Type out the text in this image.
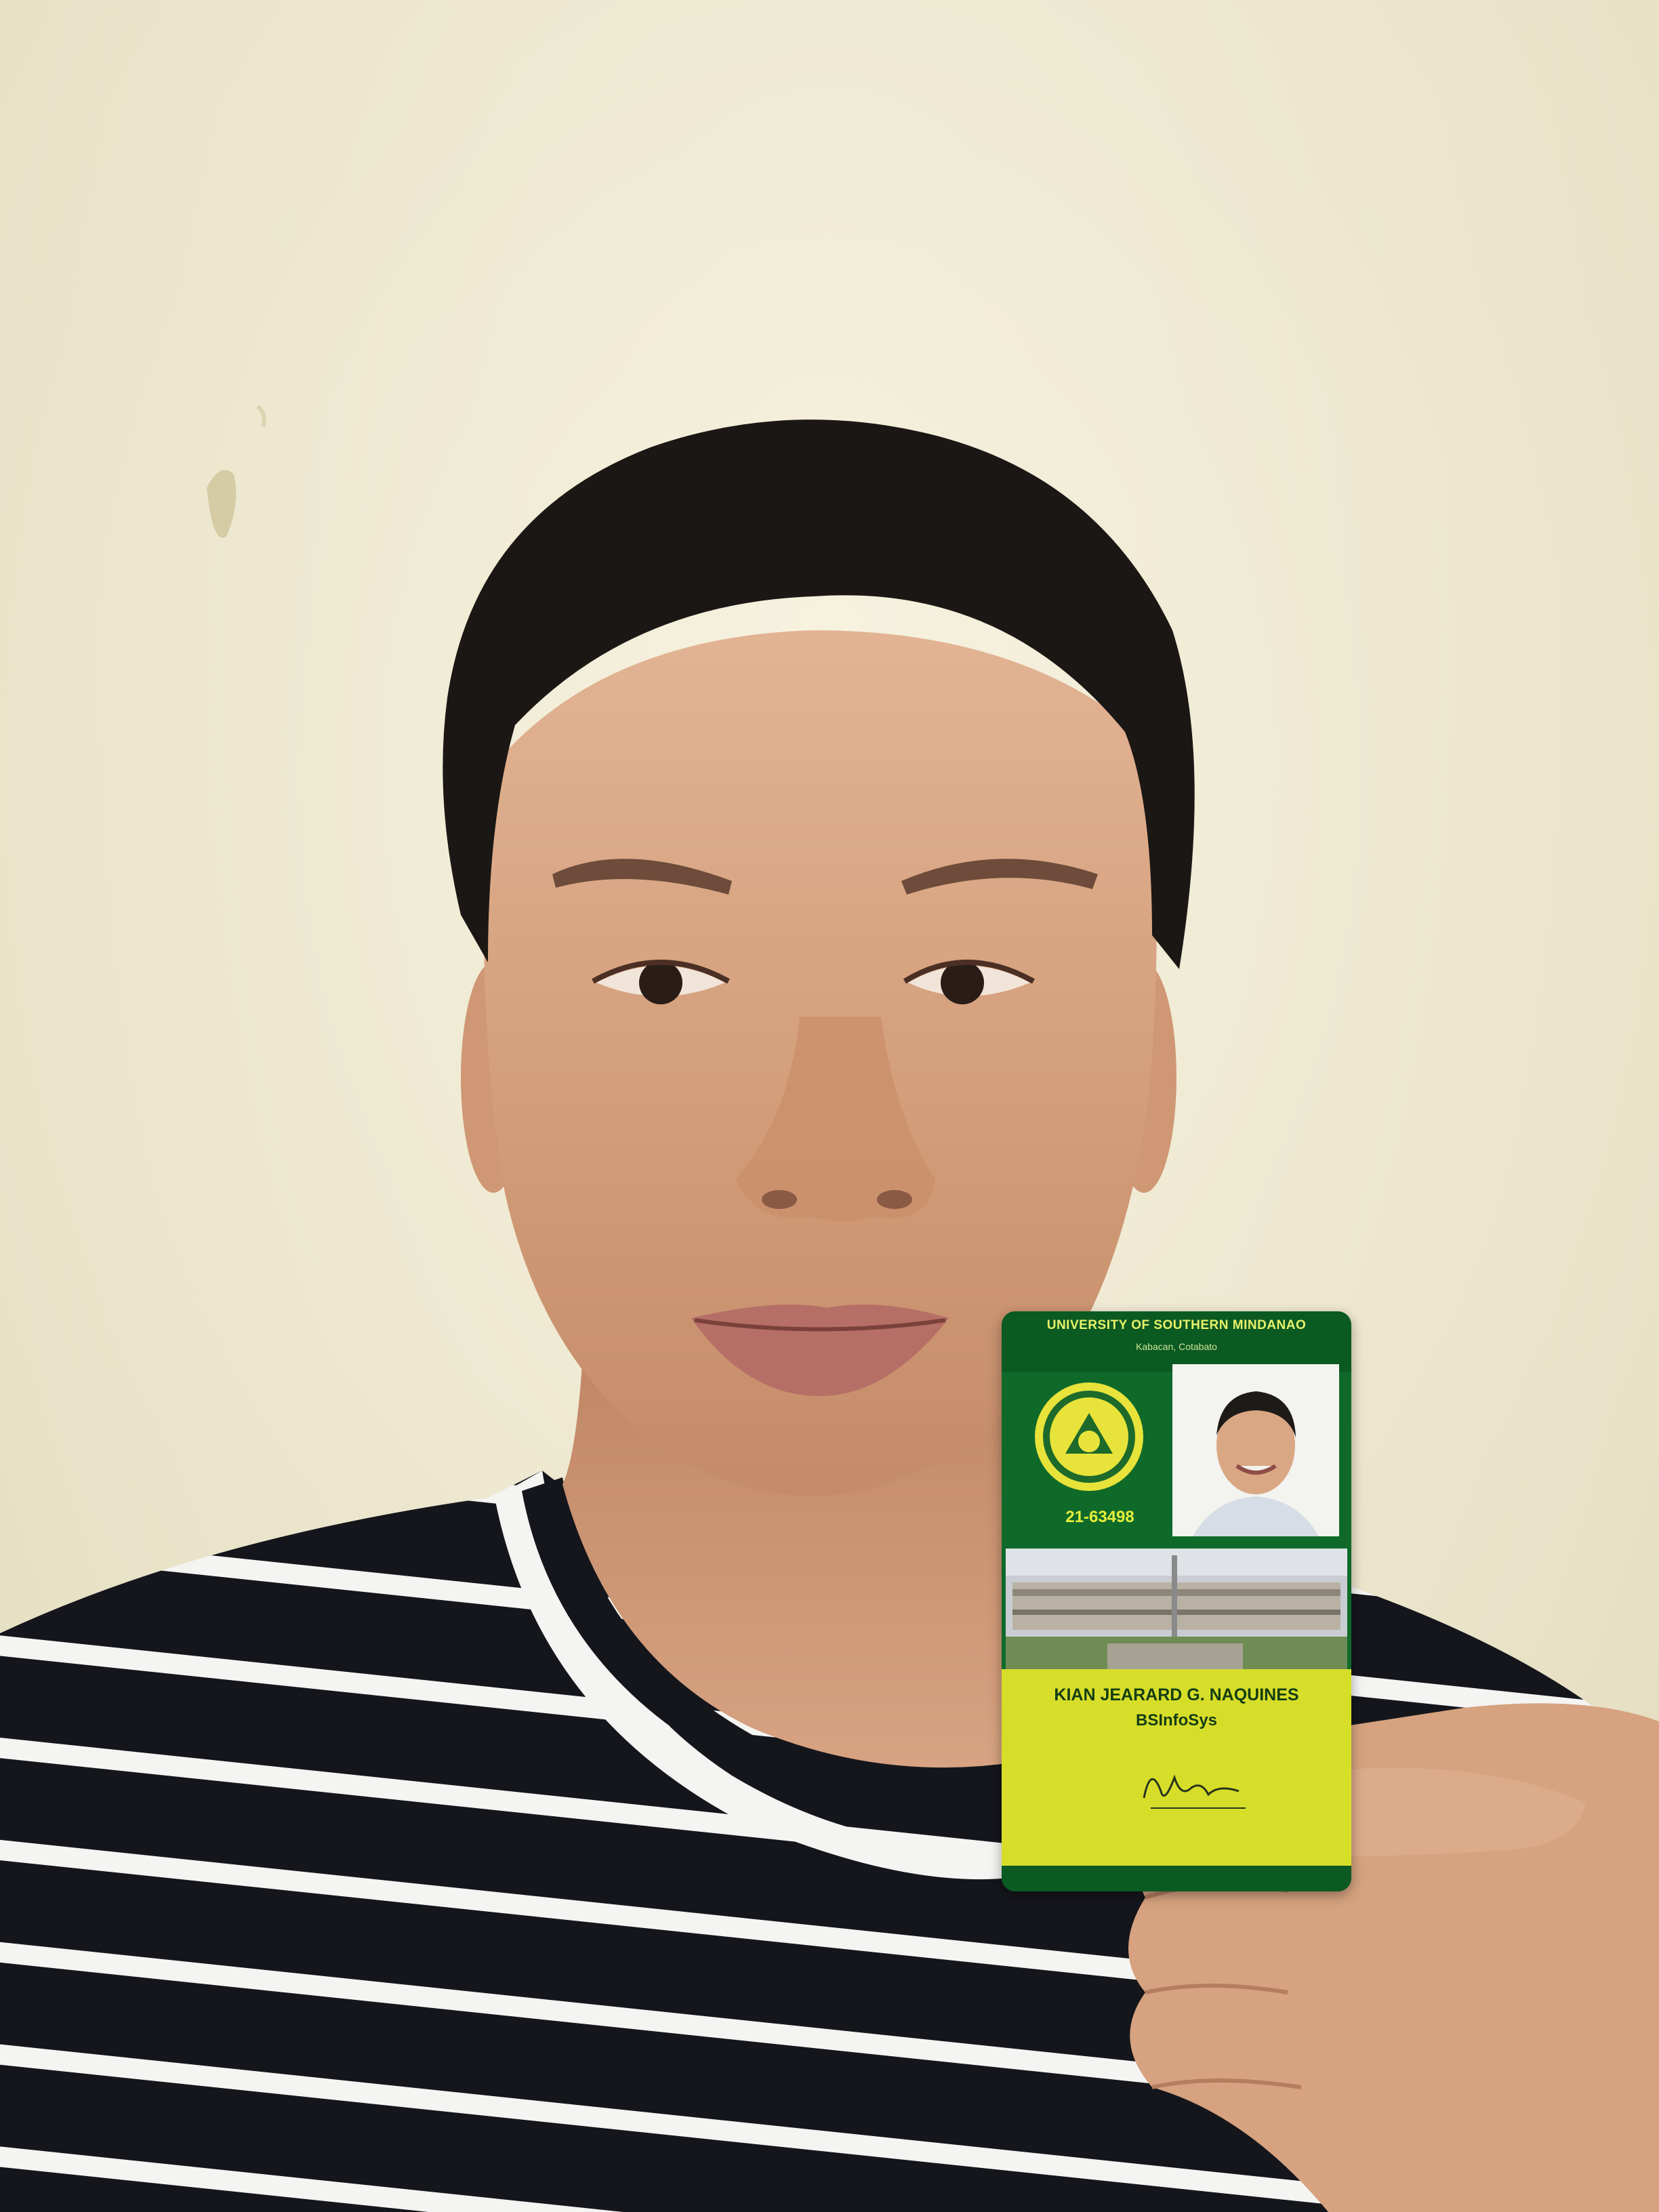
UNIVERSITY OF SOUTHERN MINDANAO
Kabacan, Cotabato
21-63498
KIAN JEARARD G. NAQUINES
BSInfoSys
